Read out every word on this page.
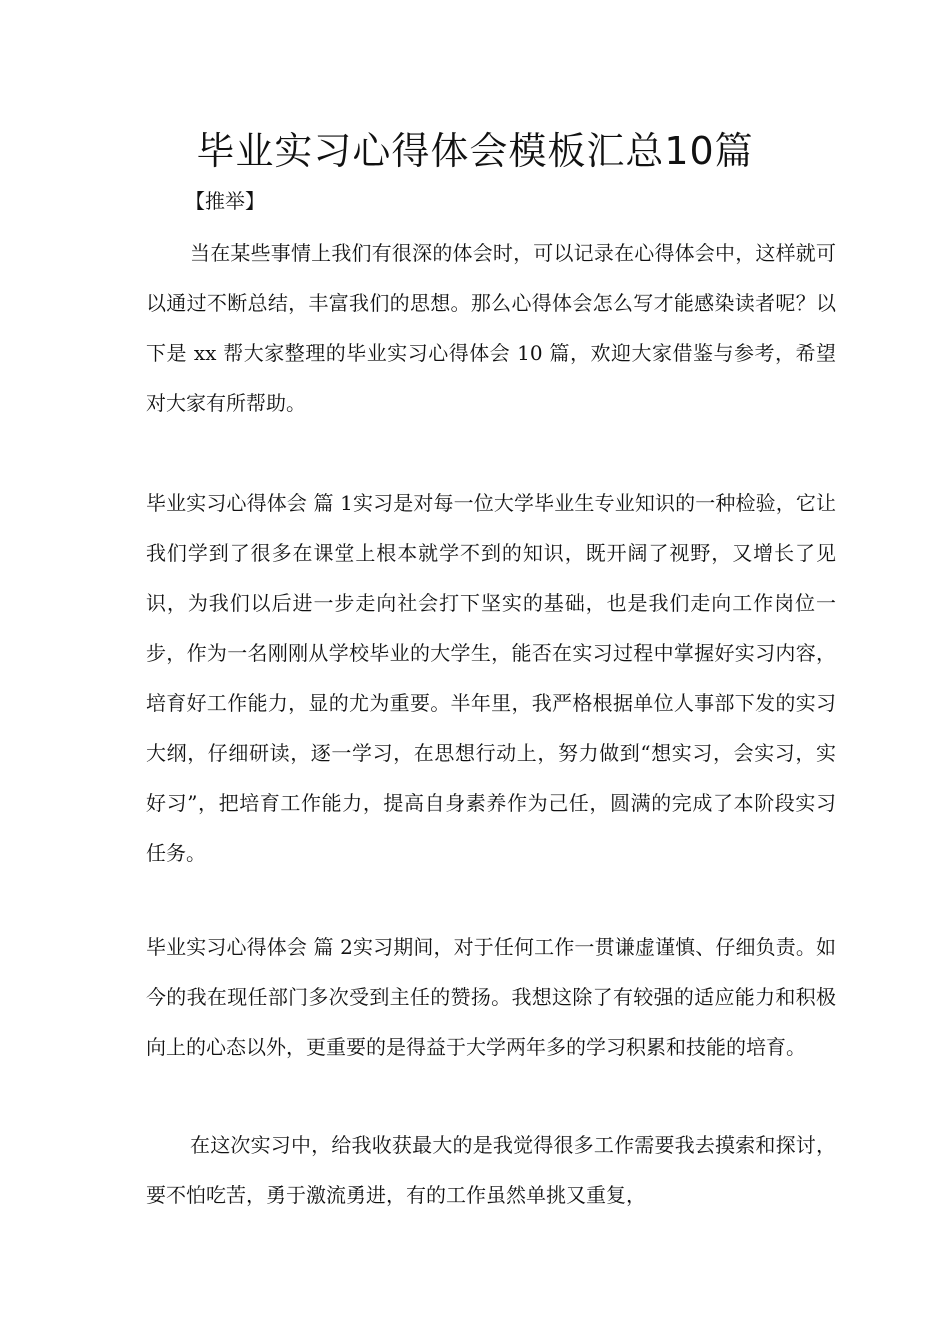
毕业实习心得体会模板汇总10篇
【推举】

当在某些事情上我们有很深的体会时，可以记录在心得体会中，这样就可以通过不断总结，丰富我们的思想。那么心得体会怎么写才能感染读者呢？以下是 xx 帮大家整理的毕业实习心得体会 10 篇，欢迎大家借鉴与参考，希望对大家有所帮助。

毕业实习心得体会 篇 1实习是对每一位大学毕业生专业知识的一种检验，它让我们学到了很多在课堂上根本就学不到的知识，既开阔了视野，又增长了见识，为我们以后进一步走向社会打下坚实的基础，也是我们走向工作岗位一步，作为一名刚刚从学校毕业的大学生，能否在实习过程中掌握好实习内容，培育好工作能力，显的尤为重要。半年里，我严格根据单位人事部下发的实习大纲，仔细研读，逐一学习，在思想行动上，努力做到“想实习，会实习，实好习”，把培育工作能力，提高自身素养作为己任，圆满的完成了本阶段实习任务。

毕业实习心得体会 篇 2实习期间，对于任何工作一贯谦虚谨慎、仔细负责。如今的我在现任部门多次受到主任的赞扬。我想这除了有较强的适应能力和积极向上的心态以外，更重要的是得益于大学两年多的学习积累和技能的培育。

在这次实习中，给我收获最大的是我觉得很多工作需要我去摸索和探讨，要不怕吃苦，勇于激流勇进，有的工作虽然单挑又重复，
